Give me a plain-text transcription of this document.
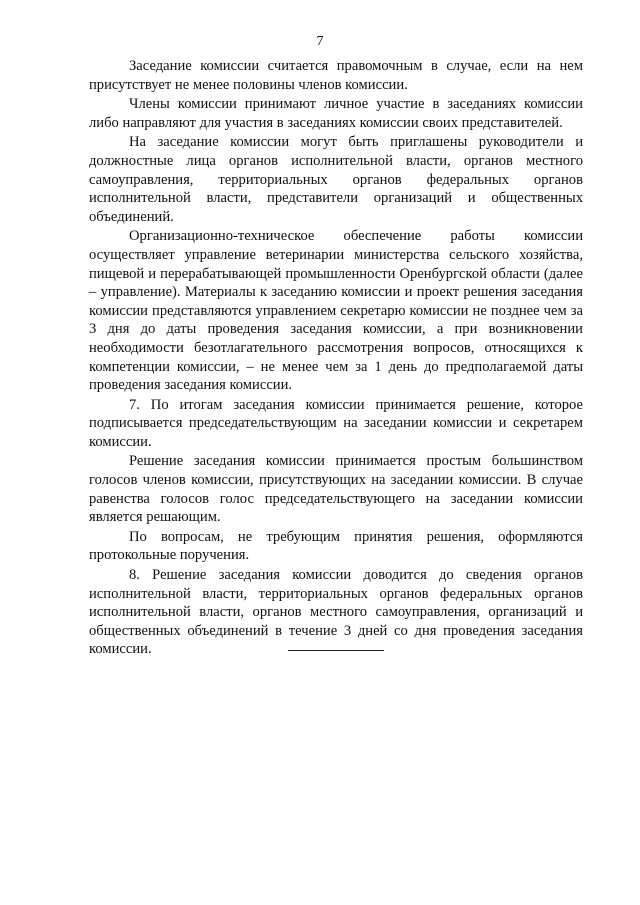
7

Заседание комиссии считается правомочным в случае, если на нем присутствует не менее половины членов комиссии.

Члены комиссии принимают личное участие в заседаниях комиссии либо направляют для участия в заседаниях комиссии своих представителей.

На заседание комиссии могут быть приглашены руководители и должностные лица органов исполнительной власти, органов местного самоуправления, территориальных органов федеральных органов исполнительной власти, представители организаций и общественных объединений.

Организационно-техническое обеспечение работы комиссии осуществляет управление ветеринарии министерства сельского хозяйства, пищевой и перерабатывающей промышленности Оренбургской области (далее – управление). Материалы к заседанию комиссии и проект решения заседания комиссии представляются управлением секретарю комиссии не позднее чем за 3 дня до даты проведения заседания комиссии, а при возникновении необходимости безотлагательного рассмотрения вопросов, относящихся к компетенции комиссии, – не менее чем за 1 день до предполагаемой даты проведения заседания комиссии.

7. По итогам заседания комиссии принимается решение, которое подписывается председательствующим на заседании комиссии и секретарем комиссии.

Решение заседания комиссии принимается простым большинством голосов членов комиссии, присутствующих на заседании комиссии. В случае равенства голосов голос председательствующего на заседании комиссии является решающим.

По вопросам, не требующим принятия решения, оформляются протокольные поручения.

8. Решение заседания комиссии доводится до сведения органов исполнительной власти, территориальных органов федеральных органов исполнительной власти, органов местного самоуправления, организаций и общественных объединений в течение 3 дней со дня проведения заседания комиссии.
